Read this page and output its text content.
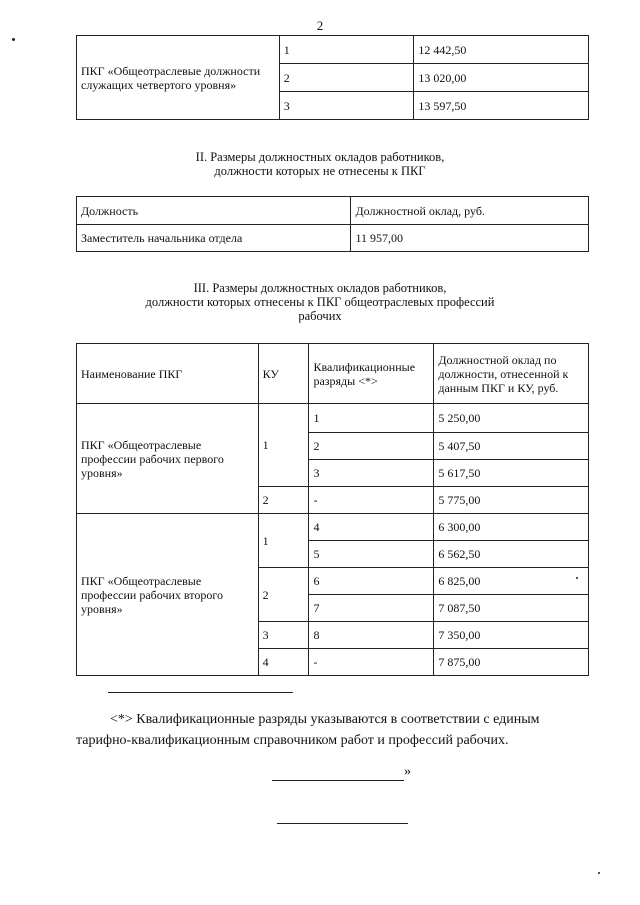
2
ПКГ «Общеотраслевые должности служащих четвертого уровня»	1	12 442,50
	2	13 020,00
	3	13 597,50
II. Размеры должностных окладов работников,
должности которых не отнесены к ПКГ
Должность	Должностной оклад, руб.
Заместитель начальника отдела	11 957,00
III. Размеры должностных окладов работников,
должности которых отнесены к ПКГ общеотраслевых профессий
рабочих
Наименование ПКГ	КУ	Квалификационные разряды <*>	Должностной оклад по должности, отнесенной к данным ПКГ и КУ, руб.
ПКГ «Общеотраслевые профессии рабочих первого уровня»	1	1	5 250,00
		2	5 407,50
		3	5 617,50
	2	-	5 775,00
ПКГ «Общеотраслевые профессии рабочих второго уровня»	1	4	6 300,00
		5	6 562,50
	2	6	6 825,00
		7	7 087,50
	3	8	7 350,00
	4	-	7 875,00
<*> Квалификационные разряды указываются в соответствии с единым
тарифно-квалификационным справочником работ и профессий рабочих.
»
